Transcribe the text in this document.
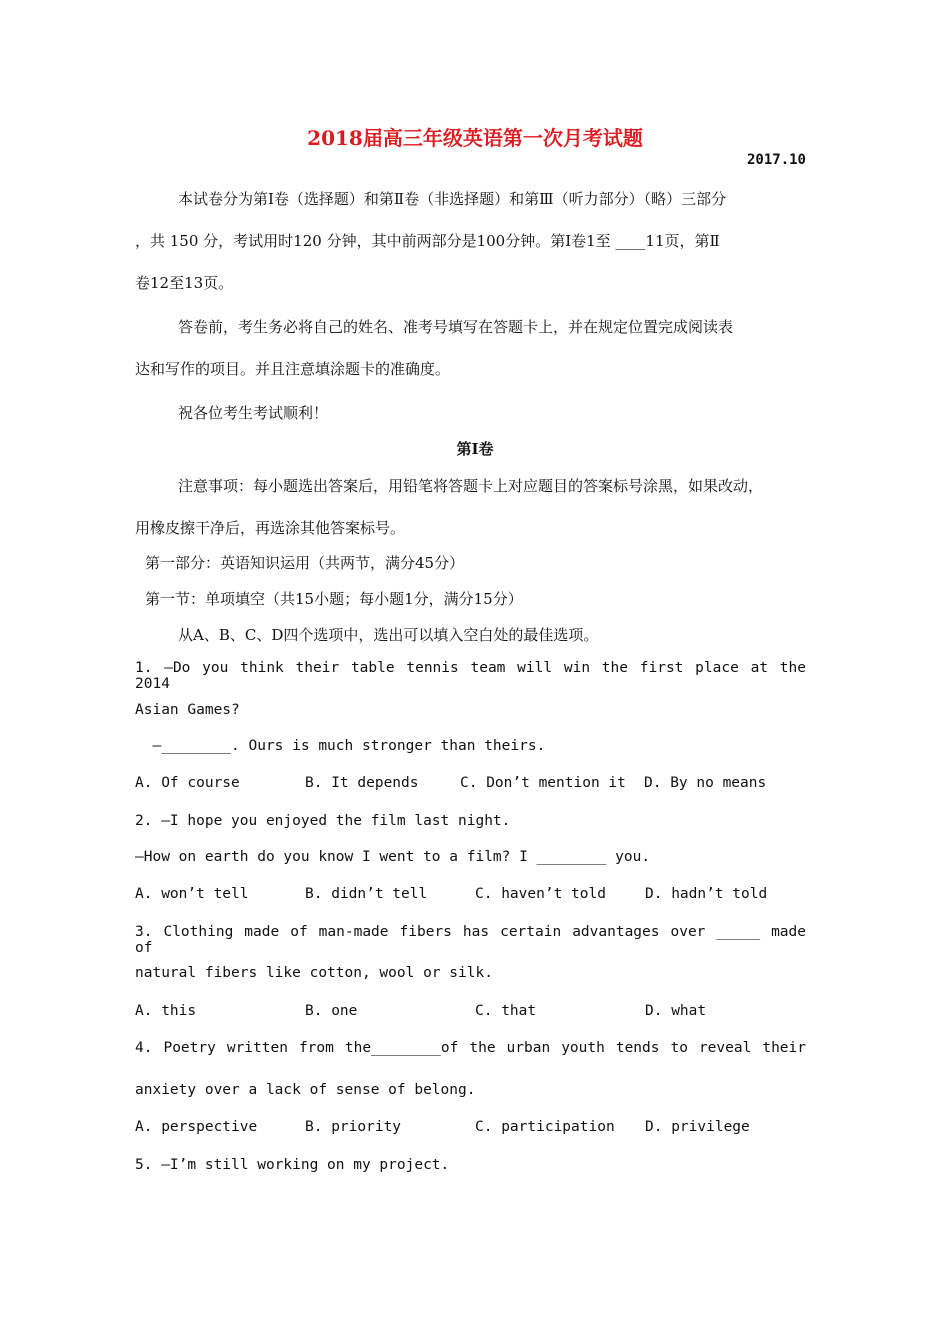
2018届高三年级英语第一次月考试题
2017.10
本试卷分为第Ⅰ卷（选择题）和第Ⅱ卷（非选择题）和第Ⅲ（听力部分）（略）三部分
，共 150 分，考试用时120 分钟，其中前两部分是100分钟。第Ⅰ卷1至 ____11页，第Ⅱ
卷12至13页。
答卷前，考生务必将自己的姓名、准考号填写在答题卡上，并在规定位置完成阅读表
达和写作的项目。并且注意填涂题卡的准确度。
祝各位考生考试顺利！
第Ⅰ卷
注意事项：每小题选出答案后，用铅笔将答题卡上对应题目的答案标号涂黑，如果改动，
用橡皮擦干净后，再选涂其他答案标号。
第一部分：英语知识运用（共两节，满分45分）
第一节：单项填空（共15小题；每小题1分，满分15分）
从A、B、C、D四个选项中，选出可以填入空白处的最佳选项。
1. —Do you think their table tennis team will win the first place at the 2014
Asian Games?
—________. Ours is much stronger than theirs.
A. Of course	B. It depends	C. Don’t mention it D. By no means
2. —I hope you enjoyed the film last night.
—How on earth do you know I went to a film? I ________ you.
A. won’t tell	B. didn’t tell	C. haven’t told	D. hadn’t told
3. Clothing made of man-made fibers has certain advantages over _____ made of
natural fibers like cotton, wool or silk.
A. this	B. one	C. that	D. what
4. Poetry written from the________of the urban youth tends to reveal their
anxiety over a lack of sense of belong.
A. perspective	B. priority	C. participation D. privilege
5. —I’m still working on my project.
